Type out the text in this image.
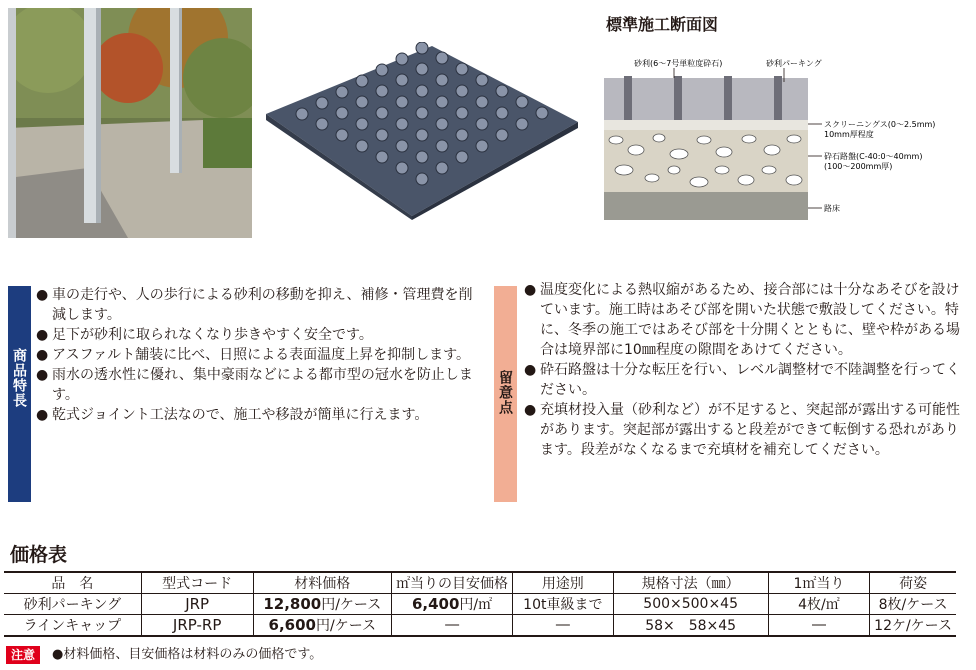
標準施工断面図
砂利(6～7号単粒度砕石)	砂利パーキング
スクリーニングス(0～2.5mm)
10mm厚程度
砕石路盤(C-40:0～40mm)
(100～200mm厚)
路床
商品特長
● 車の走行や、人の歩行による砂利の移動を抑え、補修・管理費を削減します。
● 足下が砂利に取られなくなり歩きやすく安全です。
● アスファルト舗装に比べ、日照による表面温度上昇を抑制します。
● 雨水の透水性に優れ、集中豪雨などによる都市型の冠水を防止します。
● 乾式ジョイント工法なので、施工や移設が簡単に行えます。	留意点
● 温度変化による熱収縮があるため、接合部には十分なあそびを設けています。施工時はあそび部を開いた状態で敷設してください。特に、冬季の施工ではあそび部を十分開くとともに、壁や枠がある場合は境界部に10㎜程度の隙間をあけてください。
● 砕石路盤は十分な転圧を行い、レベル調整材で不陸調整を行ってください。
● 充填材投入量（砂利など）が不足すると、突起部が露出する可能性があります。突起部が露出すると段差ができて転倒する恐れがあります。段差がなくなるまで充填材を補充してください。
価格表
品　名	型式コード	材料価格	㎡当りの目安価格	用途別	規格寸法（㎜）	1㎡当り	荷姿
砂利パーキング	JRP	12,800円/ケース	6,400円/㎡	10t車級まで	500×500×45	4枚/㎡	8枚/ケース
ラインキャップ	JRP-RP	6,600円/ケース	―	―	58×　58×45	―	12ケ/ケース
注意	●材料価格、目安価格は材料のみの価格です。
